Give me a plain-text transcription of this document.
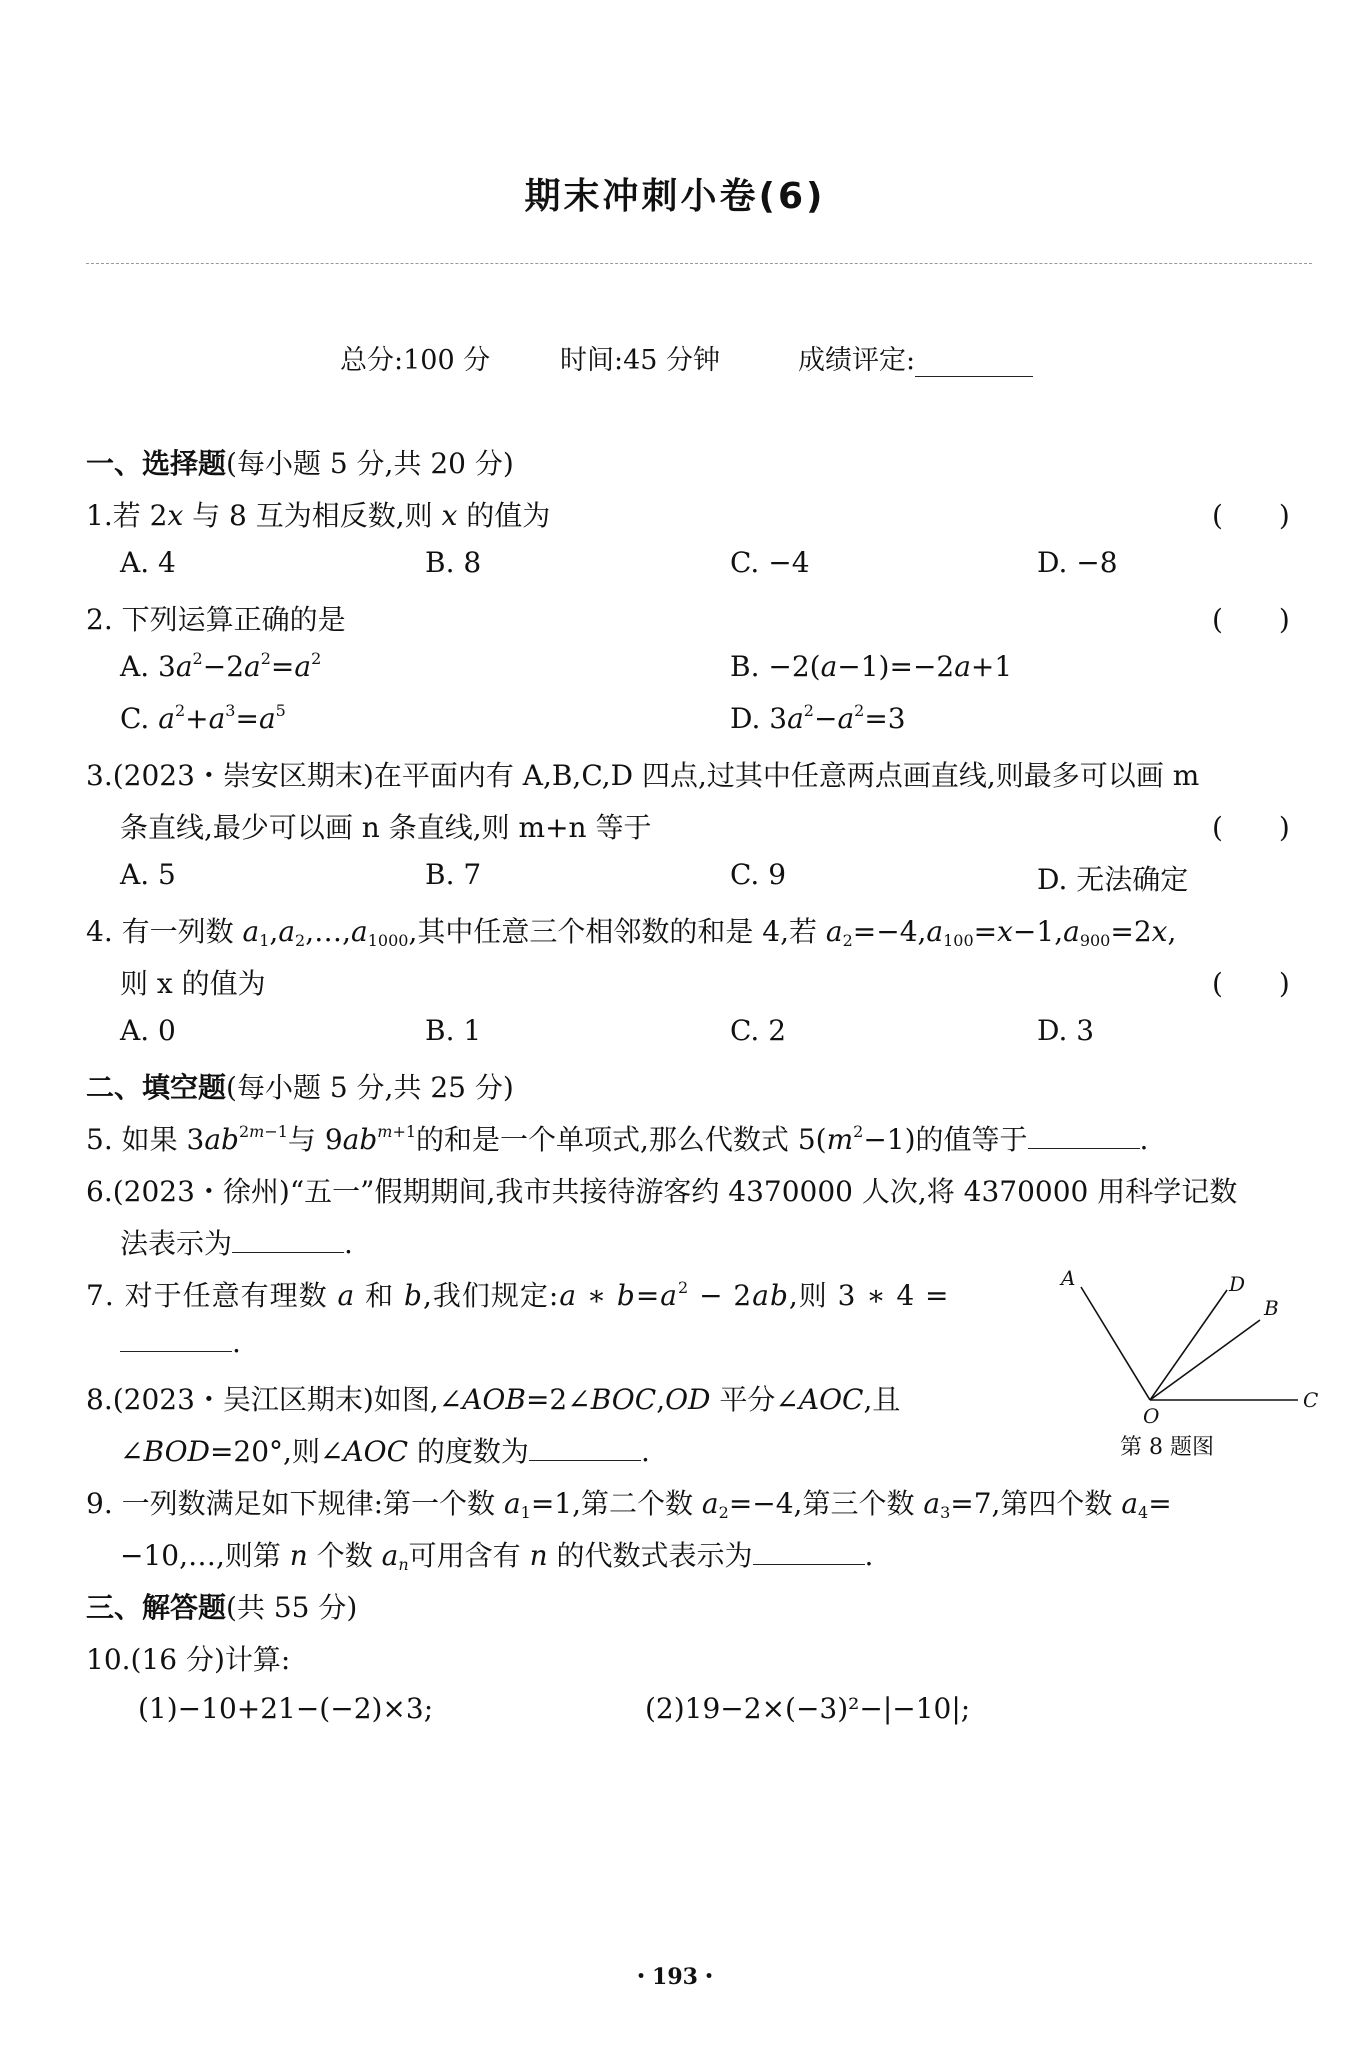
期末冲刺小卷(6)
总分:100 分	时间:45 分钟	成绩评定:
一、选择题(每小题 5 分,共 20 分)
1.若 2x 与 8 互为相反数,则 x 的值为	(　　)
A. 4	B. 8	C. −4	D. −8
2. 下列运算正确的是	(　　)
A. $3a^2-2a^2=a^2$	B. −2(a−1)=−2a+1
C. $a^2+a^3=a^5$	D. $3a^2-a^2=3$
3.(2023・崇安区期末)在平面内有 A,B,C,D 四点,过其中任意两点画直线,则最多可以画 m
条直线,最少可以画 n 条直线,则 m+n 等于	(　　)
A. 5	B. 7	C. 9	D. 无法确定
4. 有一列数 $a_1,a_2,\dots,a_{1000}$,其中任意三个相邻数的和是 4,若 $a_2=-4,a_{100}=x-1,a_{900}=2x$,
则 x 的值为	(　　)
A. 0	B. 1	C. 2	D. 3
二、填空题(每小题 5 分,共 25 分)
5. 如果 $3ab^{2m-1}$与 $9ab^{m+1}$的和是一个单项式,那么代数式 $5(m^2-1)$的值等于	.
6.(2023・徐州)“五一”假期期间,我市共接待游客约 4370000 人次,将 4370000 用科学记数
法表示为	.
7. 对于任意有理数 a 和 b,我们规定:a ∗ $b=a^2 - 2ab$,则 3 ∗ 4 =
.
8.(2023・吴江区期末)如图,∠AOB=2∠BOC,OD 平分∠AOC,且
∠BOD=20°,则∠AOC 的度数为	.
A	D
B
O
C
第 8 题图
9. 一列数满足如下规律:第一个数 $a_1=1$,第二个数 $a_2=-4$,第三个数 $a_3=7$,第四个数 $a_4=$
−10,…,则第 n 个数 $a_n$可用含有 n 的代数式表示为	.
三、解答题(共 55 分)
10.(16 分)计算:
(1)−10+21−(−2)×3;	(2)19−2×(−3)²−|−10|;
・193・
